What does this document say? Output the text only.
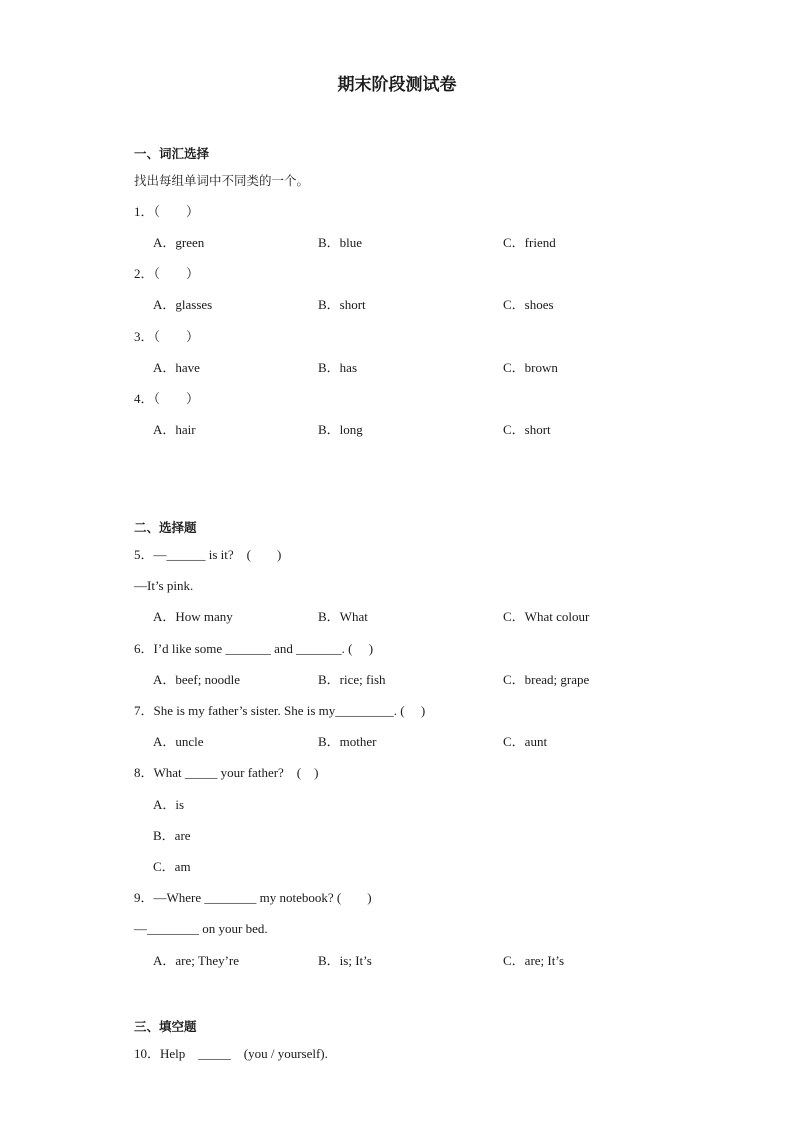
期末阶段测试卷
一、词汇选择
找出每组单词中不同类的一个。
1．（　　）
A．green	B．blue	C．friend
2．（　　）
A．glasses	B．short	C．shoes
3．（　　）
A．have	B．has	C．brown
4．（　　）
A．hair	B．long	C．short
二、选择题
5．—______ is it?　(　　)
—It’s pink.
A．How many	B．What	C．What colour
6．I’d like some _______ and _______. (　 )
A．beef; noodle	B．rice; fish	C．bread; grape
7．She is my father’s sister. She is my_________. (　 )
A．uncle	B．mother	C．aunt
8．What _____ your father?　(　)
A．is
B．are
C．am
9．—Where ________ my notebook? (　　)
—________ on your bed.
A．are; They’re	B．is; It’s	C．are; It’s
三、填空题
10．Help　_____　(you / yourself).
